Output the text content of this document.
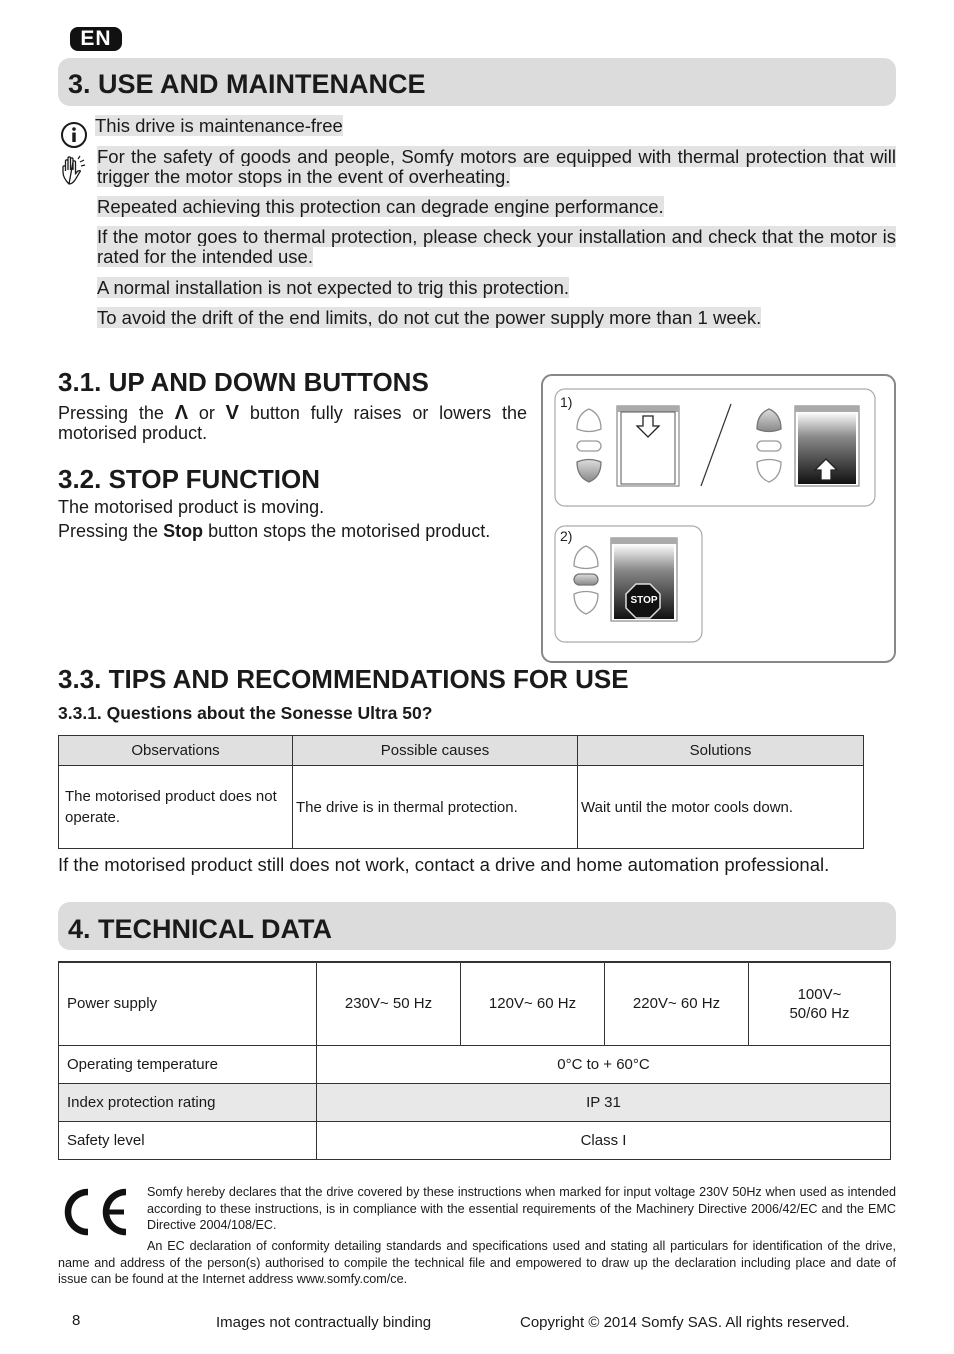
EN
3. USE AND MAINTENANCE
This drive is maintenance-free
For the safety of goods and people, Somfy motors are equipped with thermal protection that will trigger the motor stops in the event of overheating.
Repeated achieving this protection can degrade engine performance.
If the motor goes to thermal protection, please check your installation and check that the motor is rated for the intended use.
A normal installation is not expected to trig this protection.
To avoid the drift of the end limits, do not cut the power supply more than 1 week.
3.1. UP AND DOWN BUTTONS
Pressing the Λ or V button fully raises or lowers the motorised product.
3.2. STOP FUNCTION
The motorised product is moving.
Pressing the Stop button stops the motorised product.
1)
2)
STOP
3.3. TIPS AND RECOMMENDATIONS FOR USE
3.3.1. Questions about the Sonesse Ultra 50?
Observations	Possible causes	Solutions
The motorised product does not operate.	The drive is in thermal protection.	Wait until the motor cools down.
If the motorised product still does not work, contact a drive and home automation professional.
4. TECHNICAL DATA
Power supply	230V~ 50 Hz	120V~ 60 Hz	220V~ 60 Hz	100V~
50/60 Hz
Operating temperature	0°C to + 60°C			
Index protection rating	IP 31			
Safety level	Class I			
Somfy hereby declares that the drive covered by these instructions when marked for input voltage 230V 50Hz when used as intended according to these instructions, is in compliance with the essential requirements of the Machinery Directive 2006/42/EC and the EMC Directive 2004/108/EC.
An EC declaration of conformity detailing standards and specifications used and stating all particulars for identification of the drive, name and address of the person(s) authorised to compile the technical file and empowered to draw up the declaration including place and date of issue can be found at the Internet address www.somfy.com/ce.
8	Images not contractually binding	Copyright © 2014 Somfy SAS. All rights reserved.
